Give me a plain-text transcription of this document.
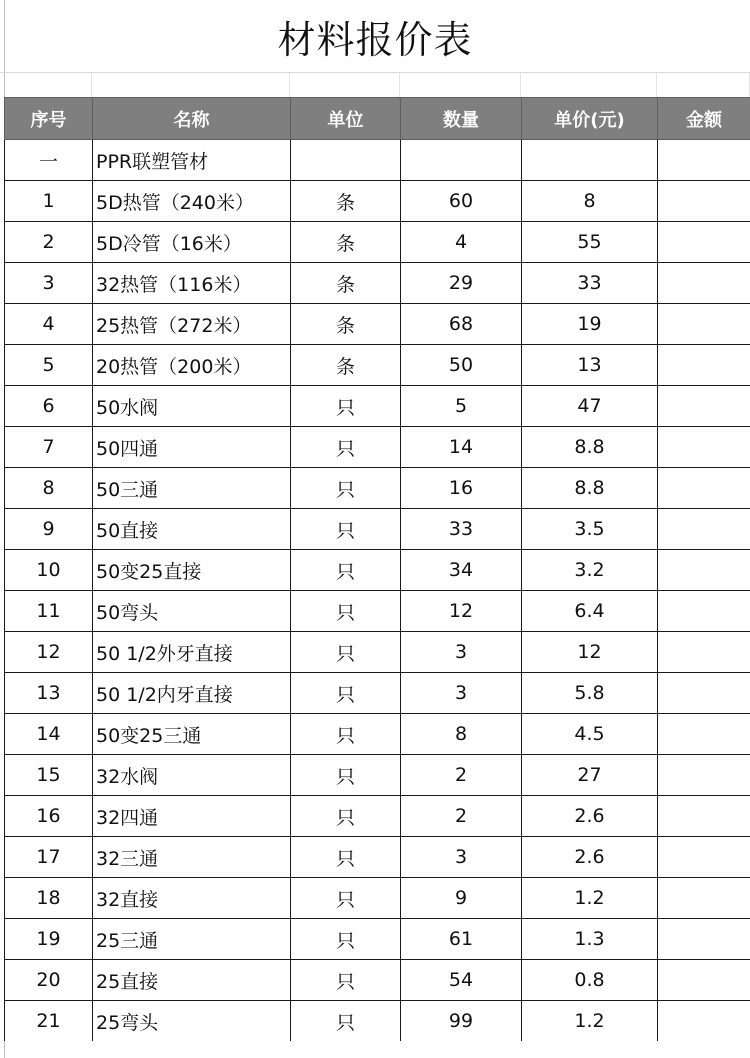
材料报价表
序号	名称	单位	数量	单价(元)	金额
一	PPR联塑管材				
1	5D热管（240米）	条	60	8	
2	5D冷管（16米）	条	4	55	
3	32热管（116米）	条	29	33	
4	25热管（272米）	条	68	19	
5	20热管（200米）	条	50	13	
6	50水阀	只	5	47	
7	50四通	只	14	8.8	
8	50三通	只	16	8.8	
9	50直接	只	33	3.5	
10	50变25直接	只	34	3.2	
11	50弯头	只	12	6.4	
12	50 1/2外牙直接	只	3	12	
13	50 1/2内牙直接	只	3	5.8	
14	50变25三通	只	8	4.5	
15	32水阀	只	2	27	
16	32四通	只	2	2.6	
17	32三通	只	3	2.6	
18	32直接	只	9	1.2	
19	25三通	只	61	1.3	
20	25直接	只	54	0.8	
21	25弯头	只	99	1.2	
